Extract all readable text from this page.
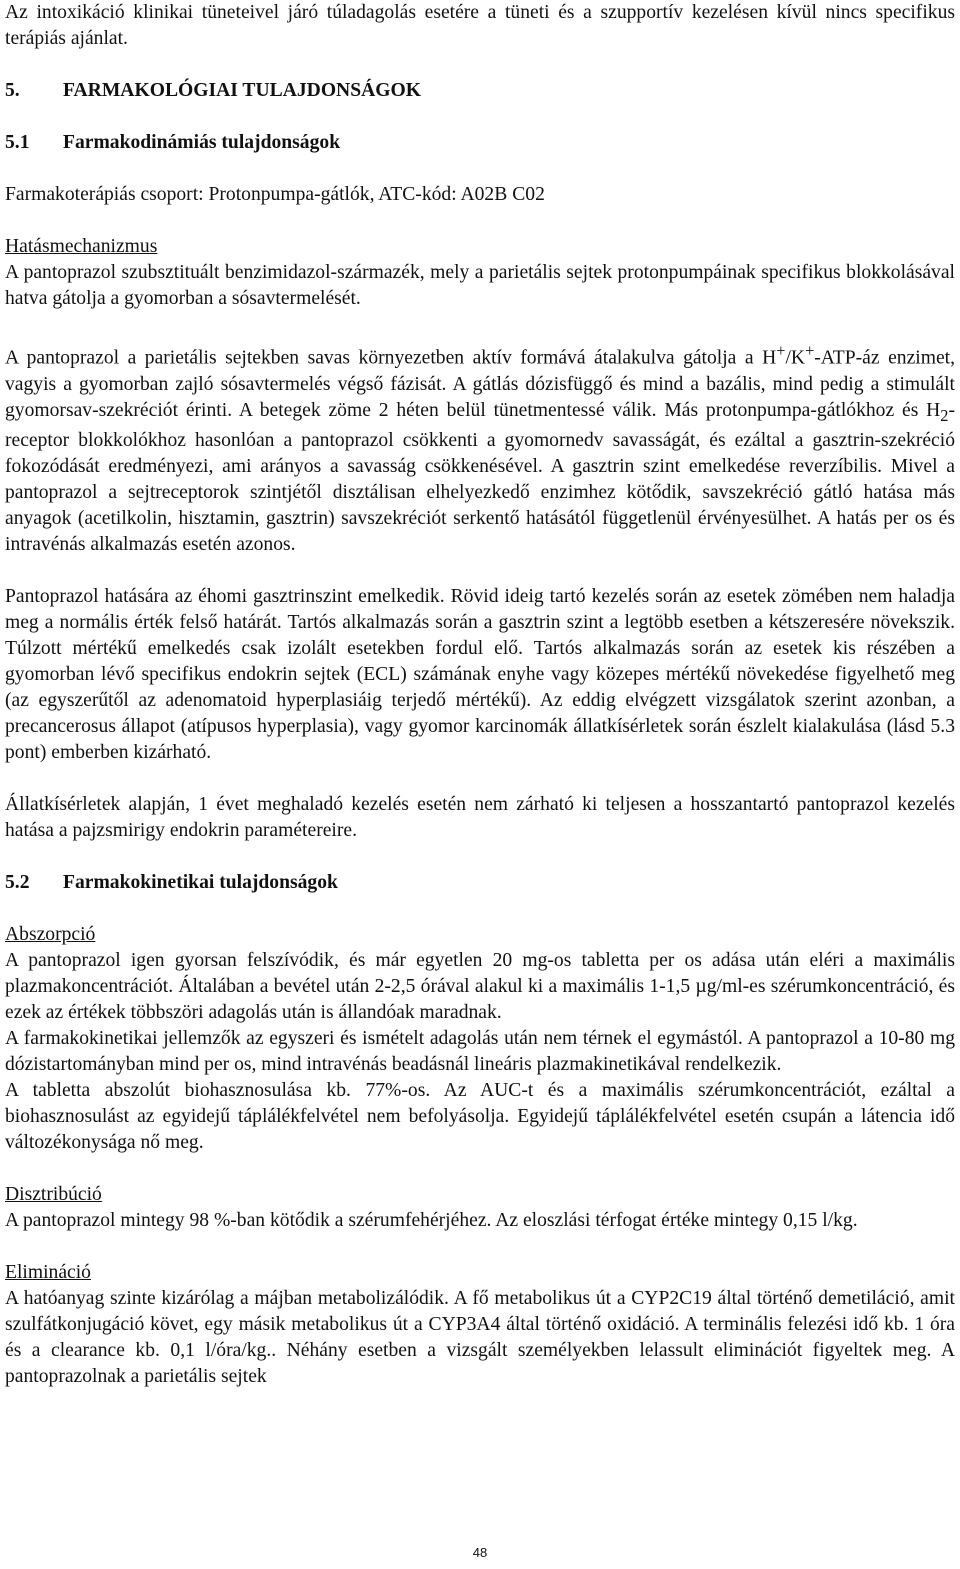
Az intoxikáció klinikai tüneteivel járó túladagolás esetére a tüneti és a szupportív kezelésen kívül nincs specifikus terápiás ajánlat.

5.	FARMAKOLÓGIAI TULAJDONSÁGOK
5.1	Farmakodinámiás tulajdonságok

Farmakoterápiás csoport: Protonpumpa-gátlók, ATC-kód: A02B C02

Hatásmechanizmus

A pantoprazol szubsztituált benzimidazol-származék, mely a parietális sejtek protonpumpáinak specifikus blokkolásával hatva gátolja a gyomorban a sósavtermelését.

A pantoprazol a parietális sejtekben savas környezetben aktív formává átalakulva gátolja a H+/K+-ATP-áz enzimet, vagyis a gyomorban zajló sósavtermelés végső fázisát. A gátlás dózisfüggő és mind a bazális, mind pedig a stimulált gyomorsav-szekréciót érinti. A betegek zöme 2 héten belül tünetmentessé válik. Más protonpumpa-gátlókhoz és $H_2$-receptor blokkolókhoz hasonlóan a pantoprazol csökkenti a gyomornedv savasságát, és ezáltal a gasztrin-szekréció fokozódását eredményezi, ami arányos a savasság csökkenésével. A gasztrin szint emelkedése reverzíbilis. Mivel a pantoprazol a sejtreceptorok szintjétől disztálisan elhelyezkedő enzimhez kötődik, savszekréció gátló hatása más anyagok (acetilkolin, hisztamin, gasztrin) savszekréciót serkentő hatásától függetlenül érvényesülhet. A hatás per os és intravénás alkalmazás esetén azonos.

Pantoprazol hatására az éhomi gasztrinszint emelkedik. Rövid ideig tartó kezelés során az esetek zömében nem haladja meg a normális érték felső határát. Tartós alkalmazás során a gasztrin szint a legtöbb esetben a kétszeresére növekszik. Túlzott mértékű emelkedés csak izolált esetekben fordul elő. Tartós alkalmazás során az esetek kis részében a gyomorban lévő specifikus endokrin sejtek (ECL) számának enyhe vagy közepes mértékű növekedése figyelhető meg (az egyszerűtől az adenomatoid hyperplasiáig terjedő mértékű). Az eddig elvégzett vizsgálatok szerint azonban, a precancerosus állapot (atípusos hyperplasia), vagy gyomor karcinomák állatkísérletek során észlelt kialakulása (lásd 5.3 pont) emberben kizárható.

Állatkísérletek alapján, 1 évet meghaladó kezelés esetén nem zárható ki teljesen a hosszantartó pantoprazol kezelés hatása a pajzsmirigy endokrin paramétereire.

5.2	Farmakokinetikai tulajdonságok

Abszorpció

A pantoprazol igen gyorsan felszívódik, és már egyetlen 20 mg-os tabletta per os adása után eléri a maximális plazmakoncentrációt. Általában a bevétel után 2-2,5 órával alakul ki a maximális 1-1,5 µg/ml-es szérumkoncentráció, és ezek az értékek többszöri adagolás után is állandóak maradnak.

A farmakokinetikai jellemzők az egyszeri és ismételt adagolás után nem térnek el egymástól. A pantoprazol a 10-80 mg dózistartományban mind per os, mind intravénás beadásnál lineáris plazmakinetikával rendelkezik.

A tabletta abszolút biohasznosulása kb. 77%-os. Az AUC-t és a maximális szérumkoncentrációt, ezáltal a biohasznosulást az egyidejű táplálékfelvétel nem befolyásolja. Egyidejű táplálékfelvétel esetén csupán a látencia idő változékonysága nő meg.

Disztribúció

A pantoprazol mintegy 98 %-ban kötődik a szérumfehérjéhez. Az eloszlási térfogat értéke mintegy 0,15 l/kg.

Elimináció

A hatóanyag szinte kizárólag a májban metabolizálódik. A fő metabolikus út a CYP2C19 által történő demetiláció, amit szulfátkonjugáció követ, egy másik metabolikus út a CYP3A4 által történő oxidáció. A terminális felezési idő kb. 1 óra és a clearance kb. 0,1 l/óra/kg.. Néhány esetben a vizsgált személyekben lelassult eliminációt figyeltek meg. A pantoprazolnak a parietális sejtek

48
